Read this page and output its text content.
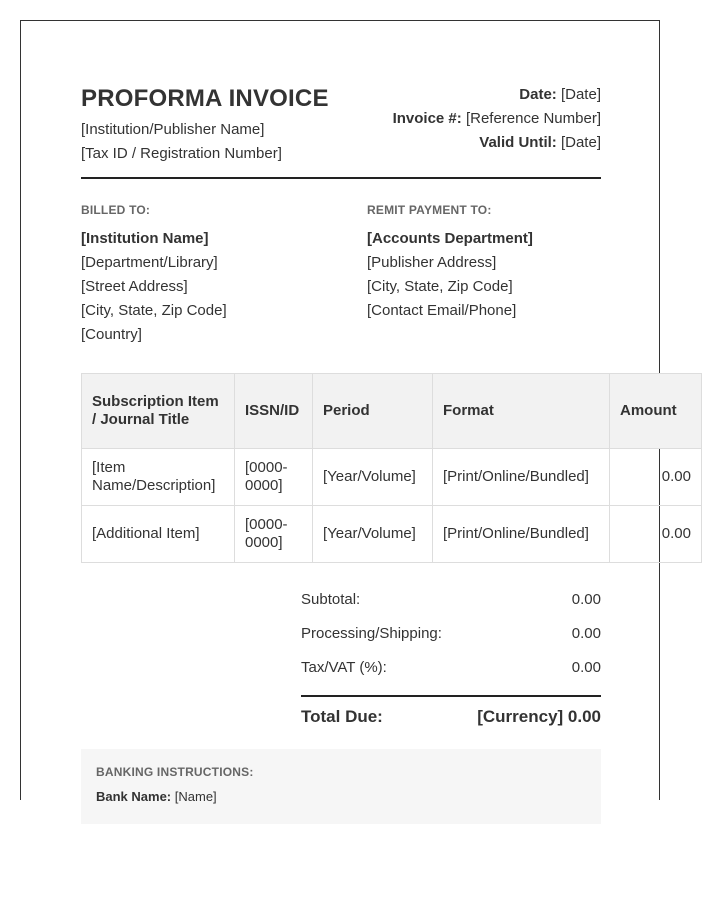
PROFORMA INVOICE
[Institution/Publisher Name]
[Tax ID / Registration Number]
Date: [Date]
Invoice #: [Reference Number]
Valid Until: [Date]
BILLED TO:
[Institution Name]
[Department/Library]
[Street Address]
[City, State, Zip Code]
[Country]
REMIT PAYMENT TO:
[Accounts Department]
[Publisher Address]
[City, State, Zip Code]
[Contact Email/Phone]
Subscription Item / Journal Title	ISSN/ID	Period	Format	Amount
[Item Name/Description]	[0000-0000]	[Year/Volume]	[Print/Online/Bundled]	0.00
[Additional Item]	[0000-0000]	[Year/Volume]	[Print/Online/Bundled]	0.00
Subtotal:	0.00
Processing/Shipping:	0.00
Tax/VAT (%):	0.00
Total Due:	[Currency] 0.00
BANKING INSTRUCTIONS:
Bank Name: [Name]
